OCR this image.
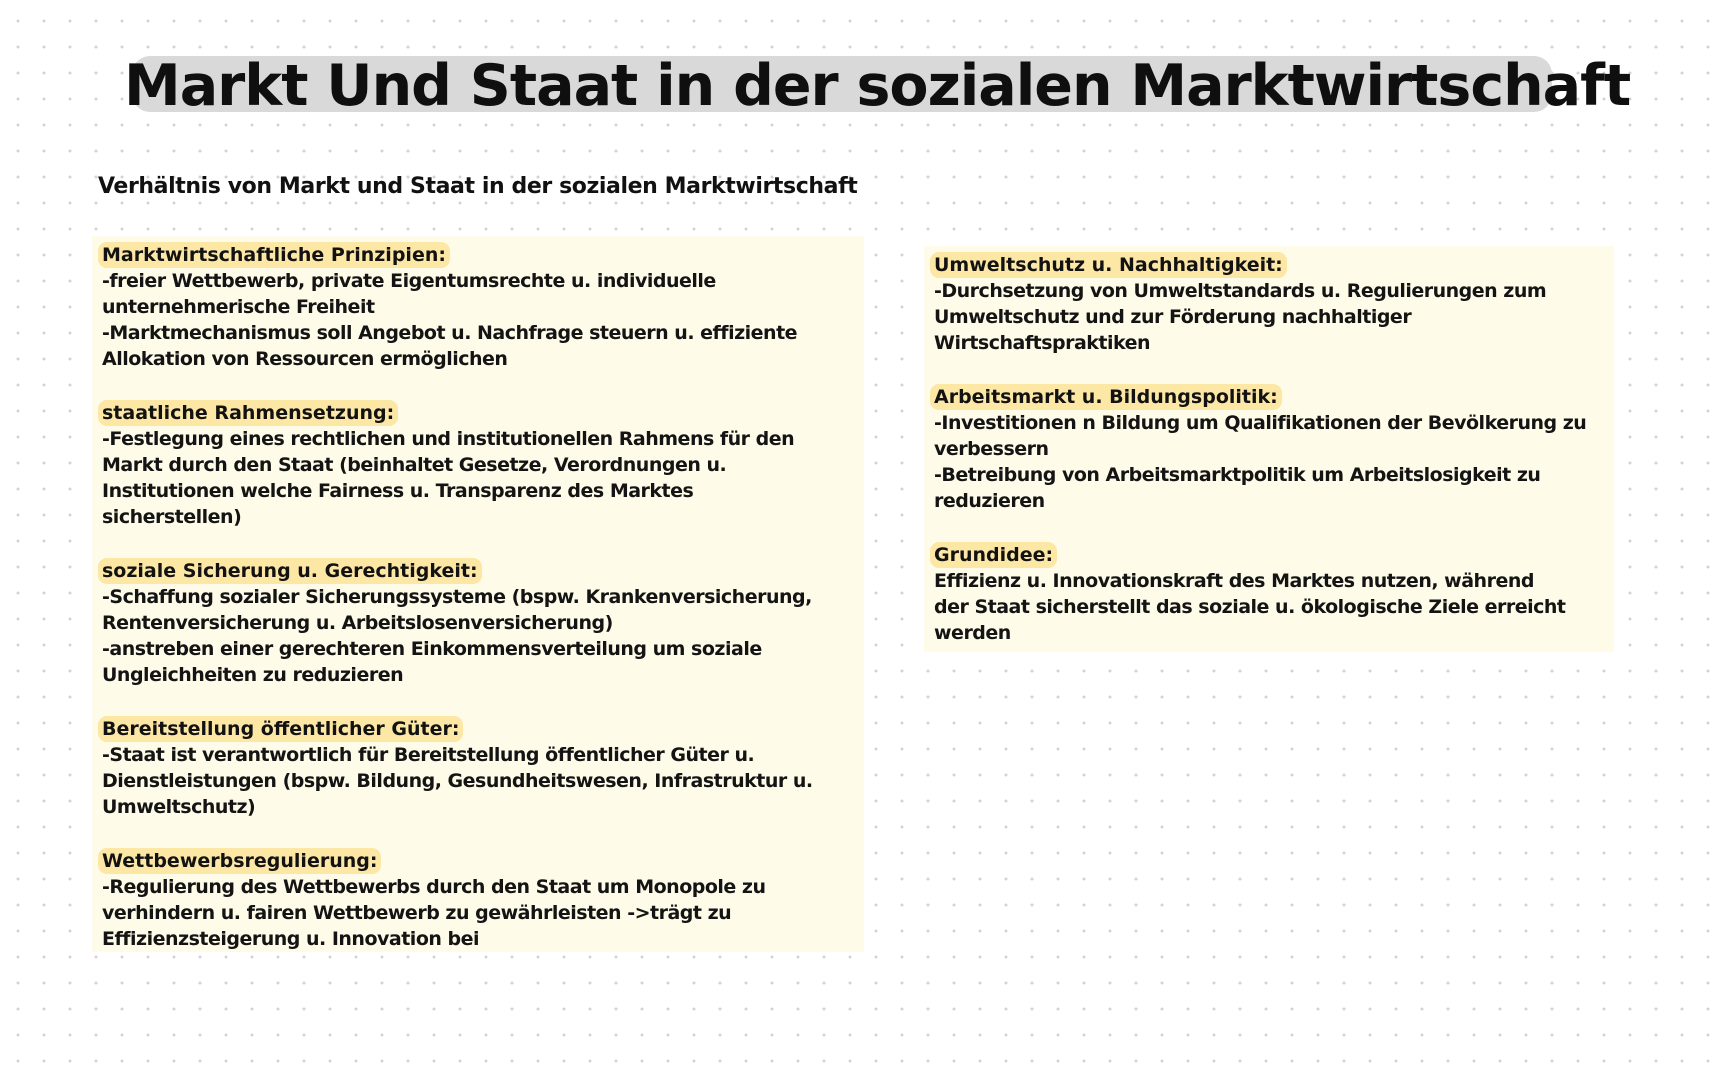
Markt Und Staat in der sozialen Marktwirtschaft
Verhältnis von Markt und Staat in der sozialen Marktwirtschaft
Marktwirtschaftliche Prinzipien:
-freier Wettbewerb, private Eigentumsrechte u. individuelle
unternehmerische Freiheit
-Marktmechanismus soll Angebot u. Nachfrage steuern u. effiziente
Allokation von Ressourcen ermöglichen
staatliche Rahmensetzung:
-Festlegung eines rechtlichen und institutionellen Rahmens für den
Markt durch den Staat (beinhaltet Gesetze, Verordnungen u.
Institutionen welche Fairness u. Transparenz des Marktes
sicherstellen)
soziale Sicherung u. Gerechtigkeit:
-Schaffung sozialer Sicherungssysteme (bspw. Krankenversicherung,
Rentenversicherung u. Arbeitslosenversicherung)
-anstreben einer gerechteren Einkommensverteilung um soziale
Ungleichheiten zu reduzieren
Bereitstellung öffentlicher Güter:
-Staat ist verantwortlich für Bereitstellung öffentlicher Güter u.
Dienstleistungen (bspw. Bildung, Gesundheitswesen, Infrastruktur u.
Umweltschutz)
Wettbewerbsregulierung:
-Regulierung des Wettbewerbs durch den Staat um Monopole zu
verhindern u. fairen Wettbewerb zu gewährleisten ->trägt zu
Effizienzsteigerung u. Innovation bei
Umweltschutz u. Nachhaltigkeit:
-Durchsetzung von Umweltstandards u. Regulierungen zum
Umweltschutz und zur Förderung nachhaltiger
Wirtschaftspraktiken
Arbeitsmarkt u. Bildungspolitik:
-Investitionen n Bildung um Qualifikationen der Bevölkerung zu
verbessern
-Betreibung von Arbeitsmarktpolitik um Arbeitslosigkeit zu
reduzieren
Grundidee:
Effizienz u. Innovationskraft des Marktes nutzen, während
der Staat sicherstellt das soziale u. ökologische Ziele erreicht
werden
